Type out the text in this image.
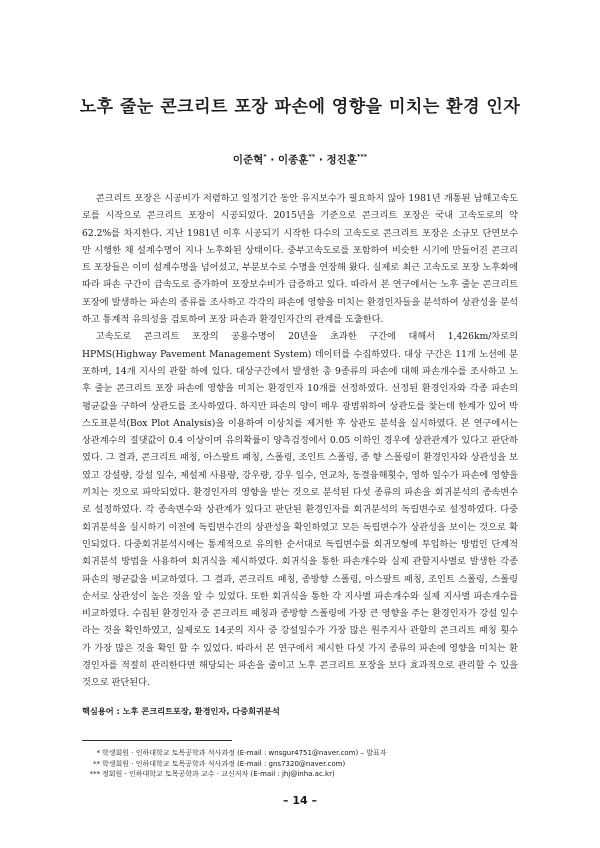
노후 줄눈 콘크리트 포장 파손에 영향을 미치는 환경 인자
이준혁* · 이종훈** · 정진훈***

콘크리트 포장은 시공비가 저렴하고 일정기간 동안 유지보수가 필요하지 않아 1981년 개통된 남해고속도로를 시작으로 콘크리트 포장이 시공되었다. 2015년을 기준으로 콘크리트 포장은 국내 고속도로의 약 62.2%를 차지한다. 지난 1981년 이후 시공되기 시작한 다수의 고속도로 콘크리트 포장은 소규모 단면보수만 시행한 채 설계수명이 지나 노후화된 상태이다. 중부고속도로를 포함하여 비슷한 시기에 만들어진 콘크리트 포장들은 이미 설계수명을 넘어섰고, 부분보수로 수명을 연장해 왔다. 실제로 최근 고속도로 포장 노후화에 따라 파손 구간이 급속도로 증가하여 포장보수비가 급증하고 있다. 따라서 본 연구에서는 노후 줄눈 콘크리트 포장에 발생하는 파손의 종류를 조사하고 각각의 파손에 영향을 미치는 환경인자들을 분석하여 상관성을 분석하고 통계적 유의성을 검토하여 포장 파손과 환경인자간의 관계를 도출한다.

고속도로 콘크리트 포장의 공용수명이 20년을 초과한 구간에 대해서 1,426km/차로의 HPMS(Highway Pavement Management System) 데이터를 수집하였다. 대상 구간은 11개 노선에 분포하며, 14개 지사의 관할 하에 있다. 대상구간에서 발생한 총 9종류의 파손에 대해 파손개수를 조사하고 노후 줄눈 콘크리트 포장 파손에 영향을 미치는 환경인자 10개를 선정하였다. 선정된 환경인자와 각종 파손의 평균값을 구하여 상관도를 조사하였다. 하지만 파손의 양이 매우 광범위하여 상관도를 찾는데 한계가 있어 박스도표분석(Box Plot Analysis)을 이용하여 이상치를 제거한 후 상관도 분석을 실시하였다. 본 연구에서는 상관계수의 절댓값이 0.4 이상이며 유의확률이 양측검정에서 0.05 이하인 경우에 상관관계가 있다고 판단하였다. 그 결과, 콘크리트 패칭, 아스팔트 패칭, 스폴링, 조인트 스폴링, 종 향 스폴링이 환경인자와 상관성을 보였고 강설량, 강설 일수, 제설제 사용량, 강우량, 강우 일수, 연교차, 동결융해횟수, 영하 일수가 파손에 영향을 끼치는 것으로 파악되었다. 환경인자의 영향을 받는 것으로 분석된 다섯 종류의 파손을 회귀분석의 종속변수로 설정하였다. 각 종속변수와 상관계가 있다고 판단된 환경인자를 회귀분석의 독립변수로 설정하였다. 다중회귀분석을 실시하기 이전에 독립변수간의 상관성을 확인하였고 모든 독립변수가 상관성을 보이는 것으로 확인되었다. 다중회귀분석시에는 통계적으로 유의한 순서대로 독립변수를 회귀모형에 투입하는 방법인 단계적 회귀분석 방법을 사용하여 회귀식을 제시하였다. 회귀식을 통한 파손개수와 실제 관할지사별로 발생한 각종 파손의 평균값을 비교하였다. 그 결과, 콘크리트 패칭, 종방향 스폴링, 아스팔트 패칭, 조인트 스폴링, 스폴링 순서로 상관성이 높은 것을 알 수 있었다. 또한 회귀식을 통한 각 지사별 파손개수와 실제 지사별 파손개수를 비교하였다. 수집된 환경인자 중 콘크리트 패칭과 종방향 스폴링에 가장 큰 영향을 주는 환경인자가 강설 일수라는 것을 확인하였고, 실제로도 14곳의 지사 중 강설일수가 가장 많은 원주지사 관할의 콘크리트 패칭 횟수가 가장 많은 것을 확인 할 수 있었다. 따라서 본 연구에서 제시한 다섯 가지 종류의 파손에 영향을 미치는 환경인자를 적절히 관리한다면 해당되는 파손을 줄이고 노후 콘크리트 포장을 보다 효과적으로 관리할 수 있을 것으로 판단된다.

핵심용어 : 노후 콘크리트포장, 환경인자, 다중회귀분석
* 학생회원 · 인하대학교 토목공학과 석사과정 (E-mail : wnsgur4751@naver.com) – 발표자
** 학생회원 · 인하대학교 토목공학과 석사과정 (E-mail : gns7320@naver.com)
*** 정회원 · 인하대학교 토목공학과 교수 · 교신저자 (E-mail : jhj@inha.ac.kr)
– 14 –
